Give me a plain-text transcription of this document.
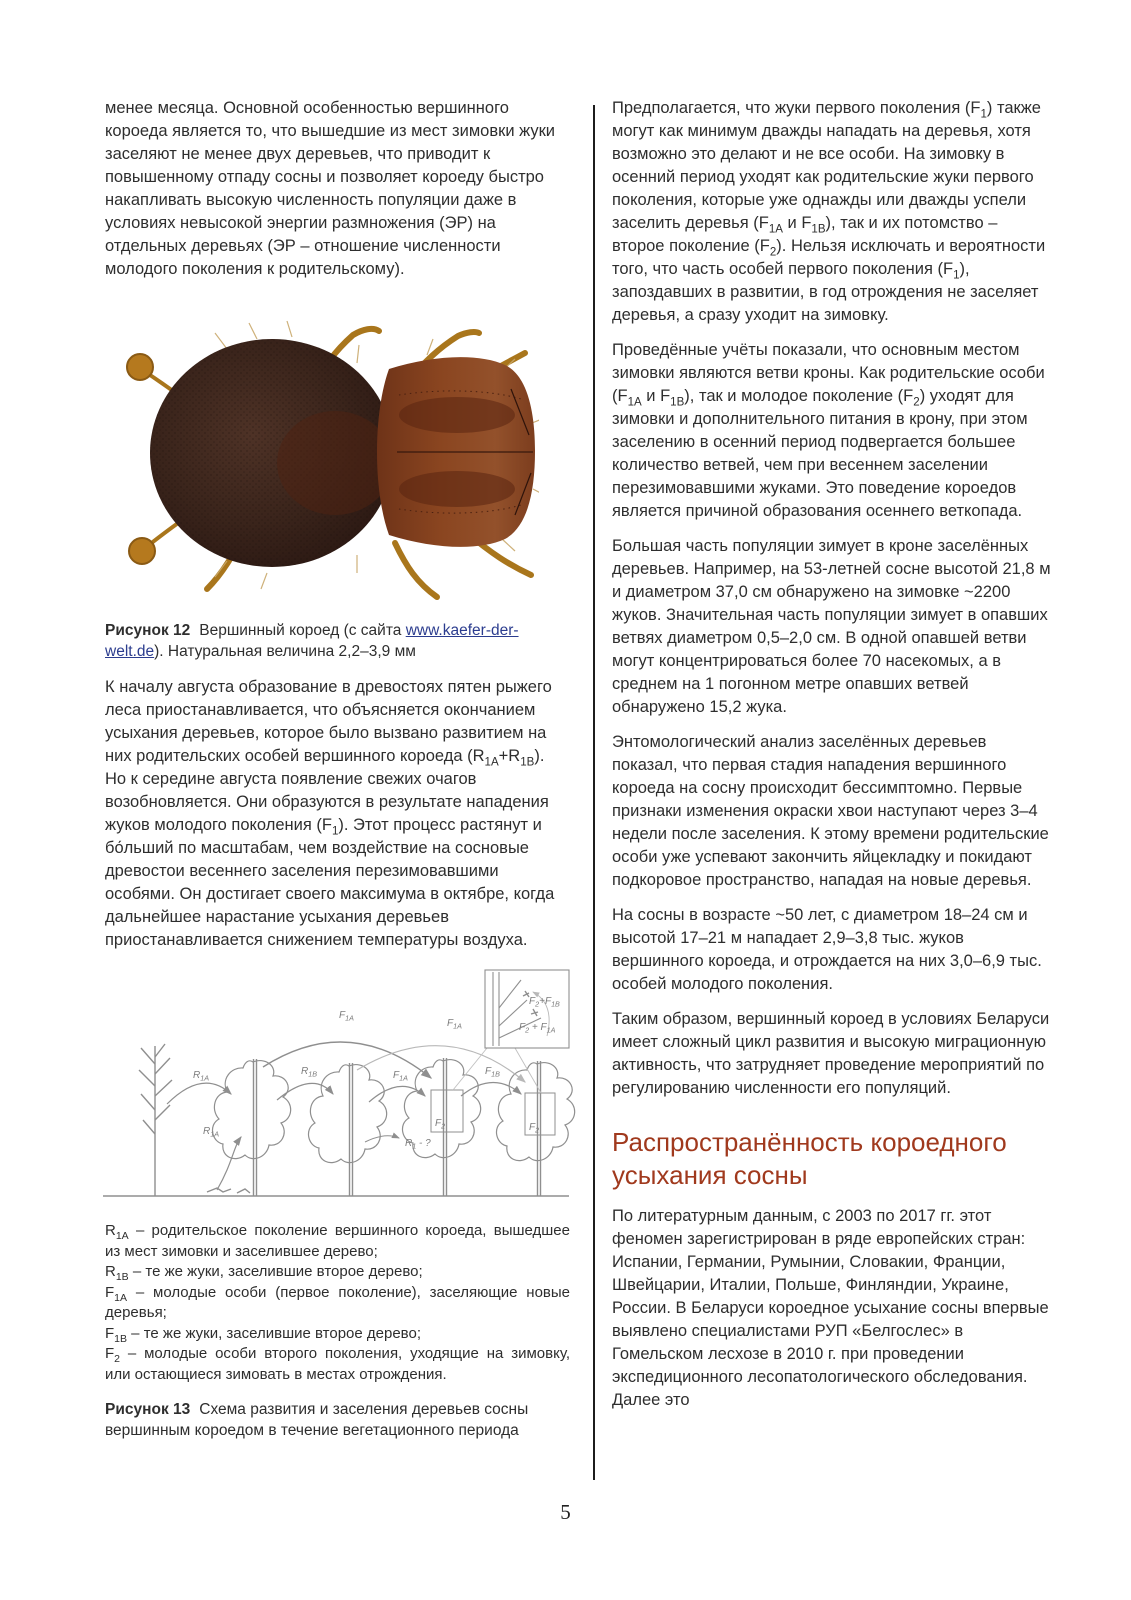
менее месяца. Основной особенностью вершинного короеда является то, что вышедшие из мест зимовки жуки заселяют не менее двух деревьев, что приводит к повышенному отпаду сосны и позволяет короеду быстро накапливать высокую численность популяции даже в условиях невысокой энергии размножения (ЭР) на отдельных деревьях (ЭР – отношение численности молодого поколения к родительскому).

Рисунок 12 Вершинный короед (с сайта www.kaefer-der-welt.de). Натуральная величина 2,2–3,9 мм

К началу августа образование в древостоях пятен рыжего леса приостанавливается, что объясняется окончанием усыхания деревьев, которое было вызвано развитием на них родительских особей вершинного короеда $(R_{1A}+R_{1B})$. Но к середине августа появление свежих очагов возобновляется. Они образуются в результате нападения жуков молодого поколения $(F_1)$. Этот процесс растянут и бо́льший по масштабам, чем воздействие на сосновые древостои весеннего заселения перезимовавшими особями. Он достигает своего максимума в октябре, когда дальнейшее нарастание усыхания деревьев приостанавливается снижением температуры воздуха.

$R_{1A}$
$R_{1A}$
$R_{1B}$
$F_{1A}$	$F_{1A}$
$F_{1A}$
$F_{1B}$
$R_1$ - ?
$F_2$	$F_2$
$F_2+F_{1B}$
$F_2 + F_{1A}$
$R_{1A}$ – родительское поколение вершинного короеда, вышедшее из мест зимовки и заселившее дерево;
$R_{1B}$ – те же жуки, заселившие второе дерево;
$F_{1A}$ – молодые особи (первое поколение), заселяющие новые деревья;
$F_{1B}$ – те же жуки, заселившие второе дерево;
$F_2$ – молодые особи второго поколения, уходящие на зимовку, или остающиеся зимовать в местах отрождения.

Рисунок 13 Схема развития и заселения деревьев сосны вершинным короедом в течение вегетационного периода

Предполагается, что жуки первого поколения $(F_1)$ также могут как минимум дважды нападать на деревья, хотя возможно это делают и не все особи. На зимовку в осенний период уходят как родительские жуки первого поколения, которые уже однажды или дважды успели заселить деревья ($F_{1A}$ и $F_{1B}$), так и их потомство – второе поколение $(F_2)$. Нельзя исключать и вероятности того, что часть особей первого поколения $(F_1)$, запоздавших в развитии, в год отрождения не заселяет деревья, а сразу уходит на зимовку.

Проведённые учёты показали, что основным местом зимовки являются ветви кроны. Как родительские особи ($F_{1A}$ и $F_{1B}$), так и молодое поколение $(F_2)$ уходят для зимовки и дополнительного питания в крону, при этом заселению в осенний период подвергается большее количество ветвей, чем при весеннем заселении перезимовавшими жуками. Это поведение короедов является причиной образования осеннего веткопада.

Большая часть популяции зимует в кроне заселённых деревьев. Например, на 53-летней сосне высотой 21,8 м и диаметром 37,0 см обнаружено на зимовке ~2200 жуков. Значительная часть популяции зимует в опавших ветвях диаметром 0,5–2,0 см. В одной опавшей ветви могут концентрироваться более 70 насекомых, а в среднем на 1 погонном метре опавших ветвей обнаружено 15,2 жука.

Энтомологический анализ заселённых деревьев показал, что первая стадия нападения вершинного короеда на сосну происходит бессимптомно. Первые признаки изменения окраски хвои наступают через 3–4 недели после заселения. К этому времени родительские особи уже успевают закончить яйцекладку и покидают подкоровое пространство, нападая на новые деревья.

На сосны в возрасте ~50 лет, с диаметром 18–24 см и высотой 17–21 м нападает 2,9–3,8 тыс. жуков вершинного короеда, и отрождается на них 3,0–6,9 тыс. особей молодого поколения.

Таким образом, вершинный короед в условиях Беларуси имеет сложный цикл развития и высокую миграционную активность, что затрудняет проведение мероприятий по регулированию численности его популяций.

Распространённость короедного усыхания сосны

По литературным данным, с 2003 по 2017 гг. этот феномен зарегистрирован в ряде европейских стран: Испании, Германии, Румынии, Словакии, Франции, Швейцарии, Италии, Польше, Финляндии, Украине, России. В Беларуси короедное усыхание сосны впервые выявлено специалистами РУП «Белгослес» в Гомельском лесхозе в 2010 г. при проведении экспедиционного лесопатологического обследования. Далее это

5
